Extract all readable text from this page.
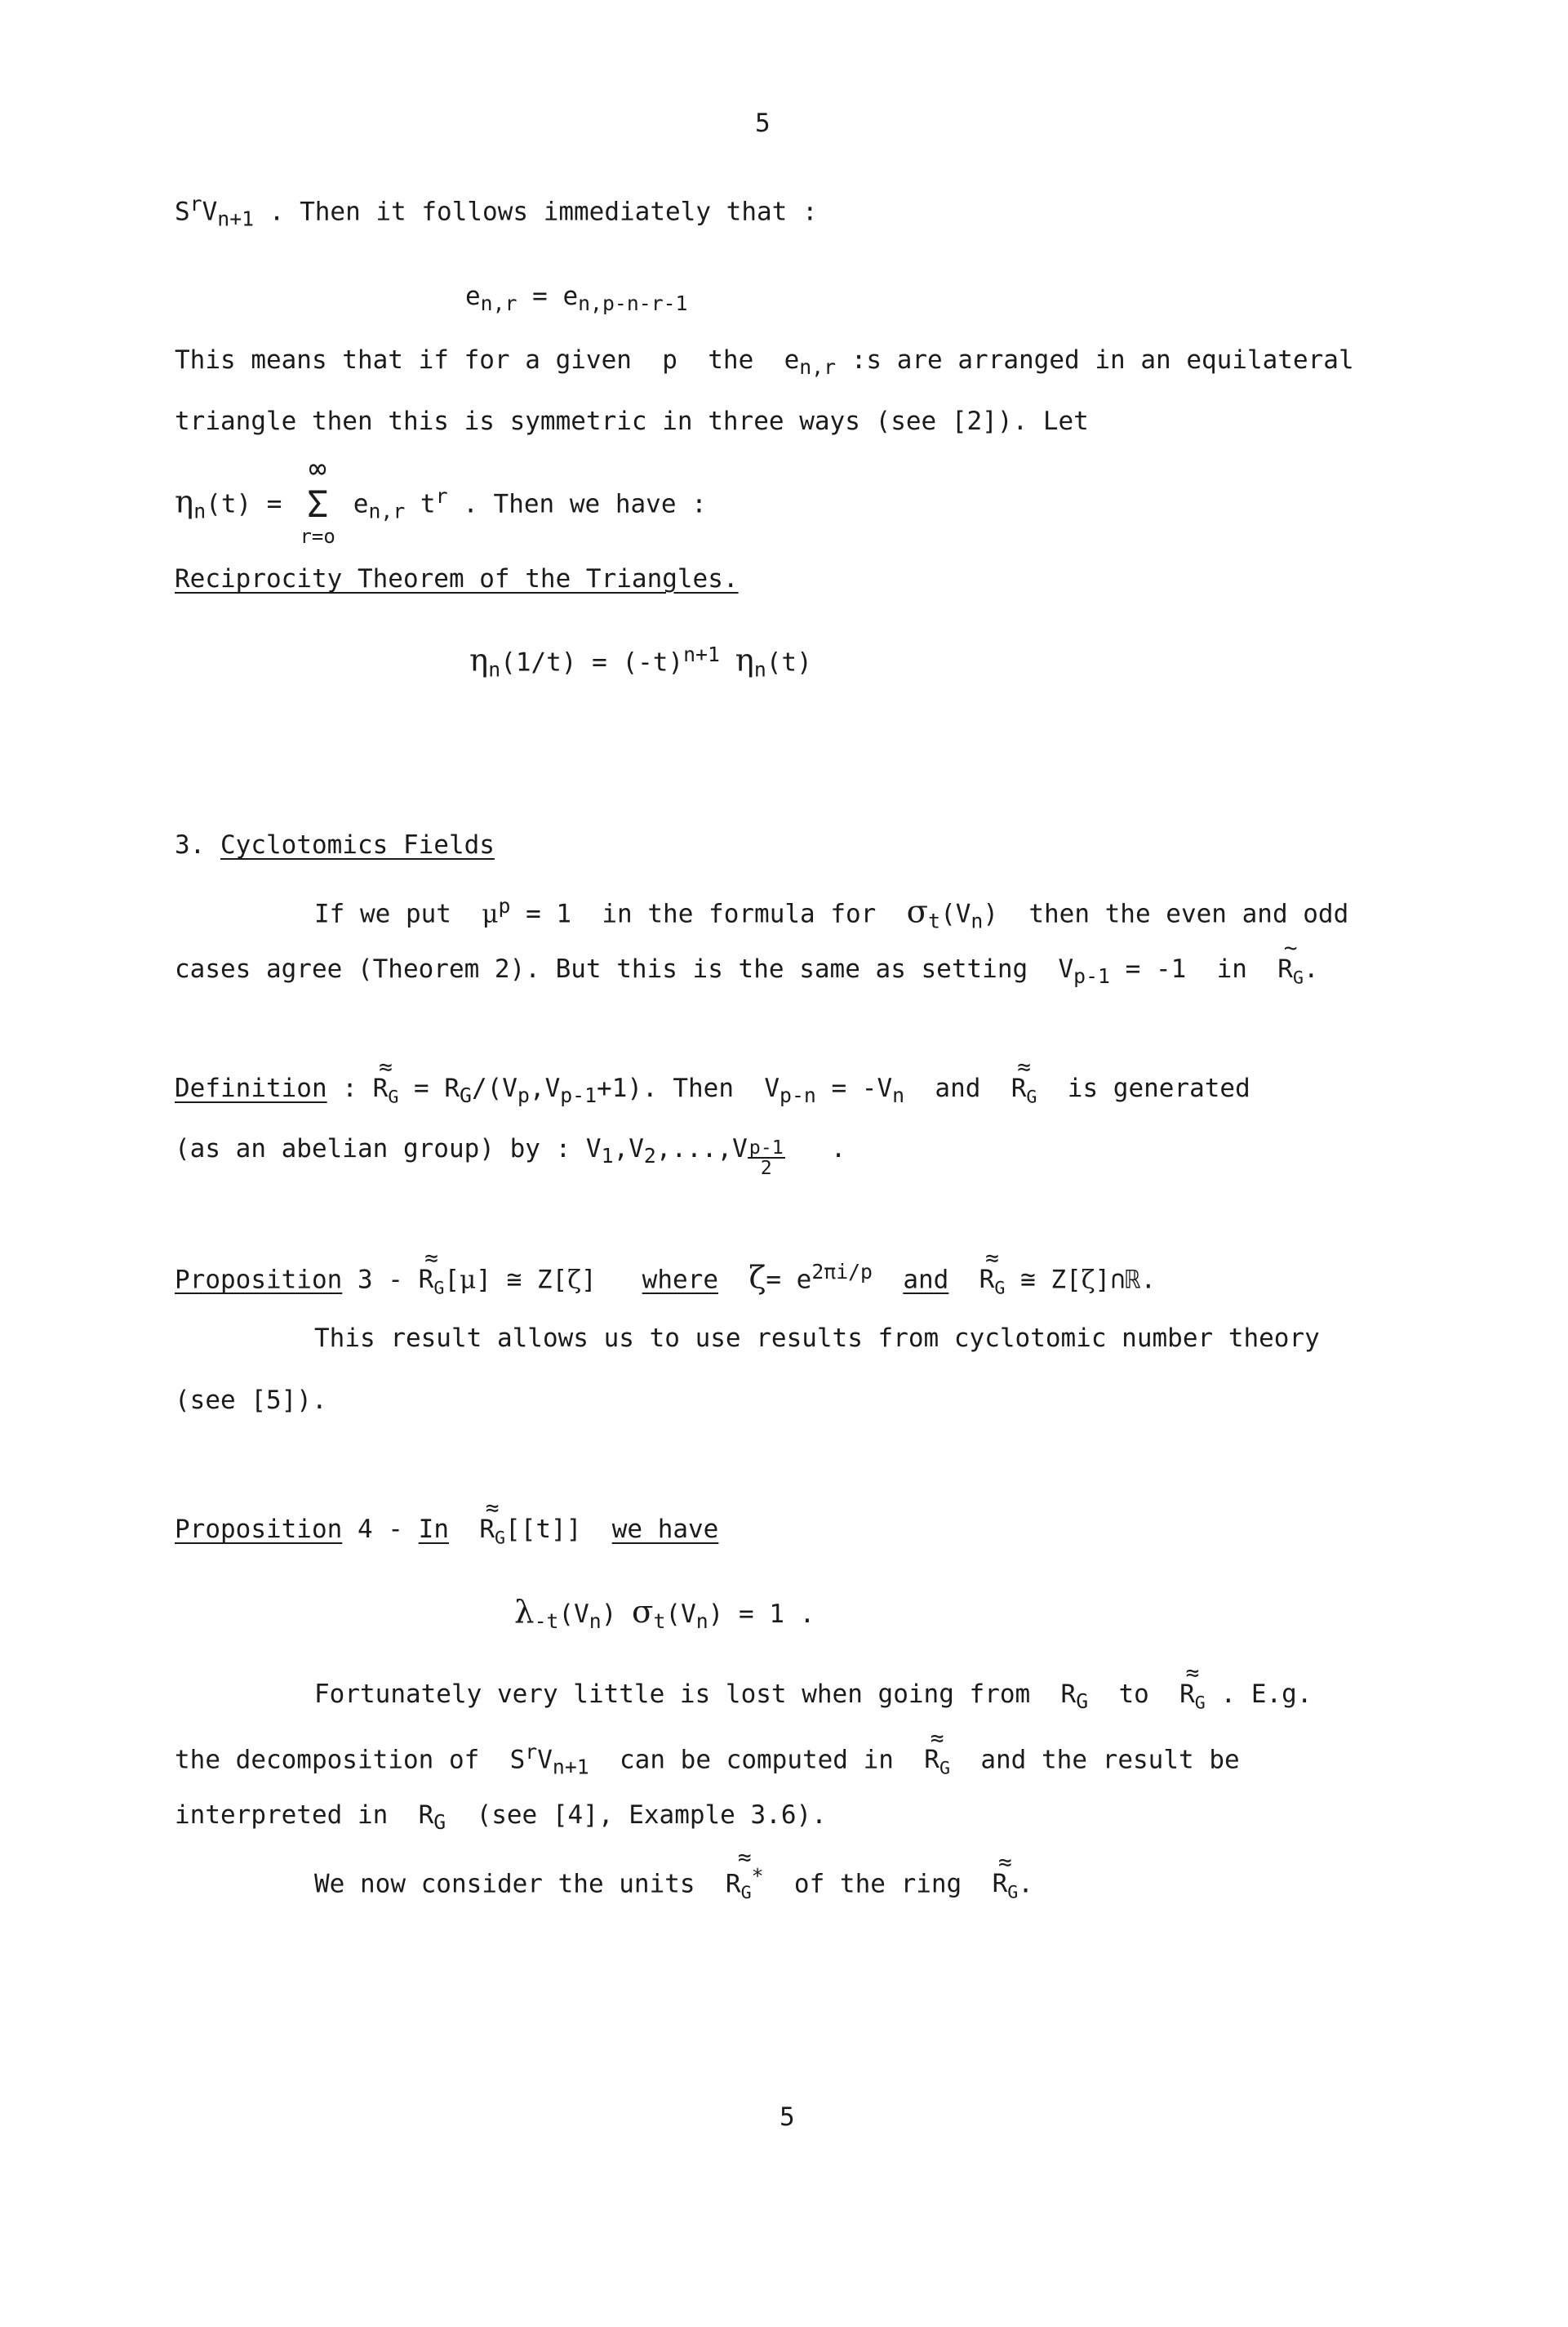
5
$S^rV_{n+1}$ . Then it follows immediately that :
$e_{n,r} = e_{n,p-n-r-1}$
This means that if for a given p the  $e_{n,r}$ :s are arranged in an equilateral
triangle then this is symmetric in three ways (see [2]). Let
$\eta_n(t)$ =
∞
Σ
r=o
$e_{n,r}$ $t^r$ . Then we have :
Reciprocity Theorem of the Triangles.
$\eta_n(1/t) = (-t)^{n+1}$ $\eta_n(t)$
3. Cyclotomics Fields
If we put $\mu^p = 1$  in the formula for $\sigma_t(V_n)$  then the even and odd
cases agree (Theorem 2). But this is the same as setting  $V_{p-1} = -1$  in
~
$R_G$.
Definition :
≈
$R_G = R_G/(V_p,V_{p-1}+1)$. Then  $V_{p-n} = -V_n$ and
≈
$R_G$ is generated
(as an abelian group) by : $V_1,V_2,...,V \frac{p-1}{2}$ .
Proposition 3 -
≈
$R_G[\mu]$ ≅ Z[ζ]   where $\zeta= e^{2\pi i/p}$ and
≈
$R_G$ ≅ Z[ζ]∩ℝ.
This result allows us to use results from cyclotomic number theory
(see [5]).
Proposition 4 - In
≈
$R_G[[t]]$  we have
$\lambda_{-t}(V_n) \sigma_t(V_n) = 1$ .
Fortunately very little is lost when going from  $R_G$ to
≈
$R_G$ . E.g.
the decomposition of  $S^rV_{n+1}$ can be computed in
≈
$R_G$ and the result be
interpreted in  $R_G$ (see [4], Example 3.6).
We now consider the units
≈
$R_G^*$ of the ring
≈
$R_G$.
5
